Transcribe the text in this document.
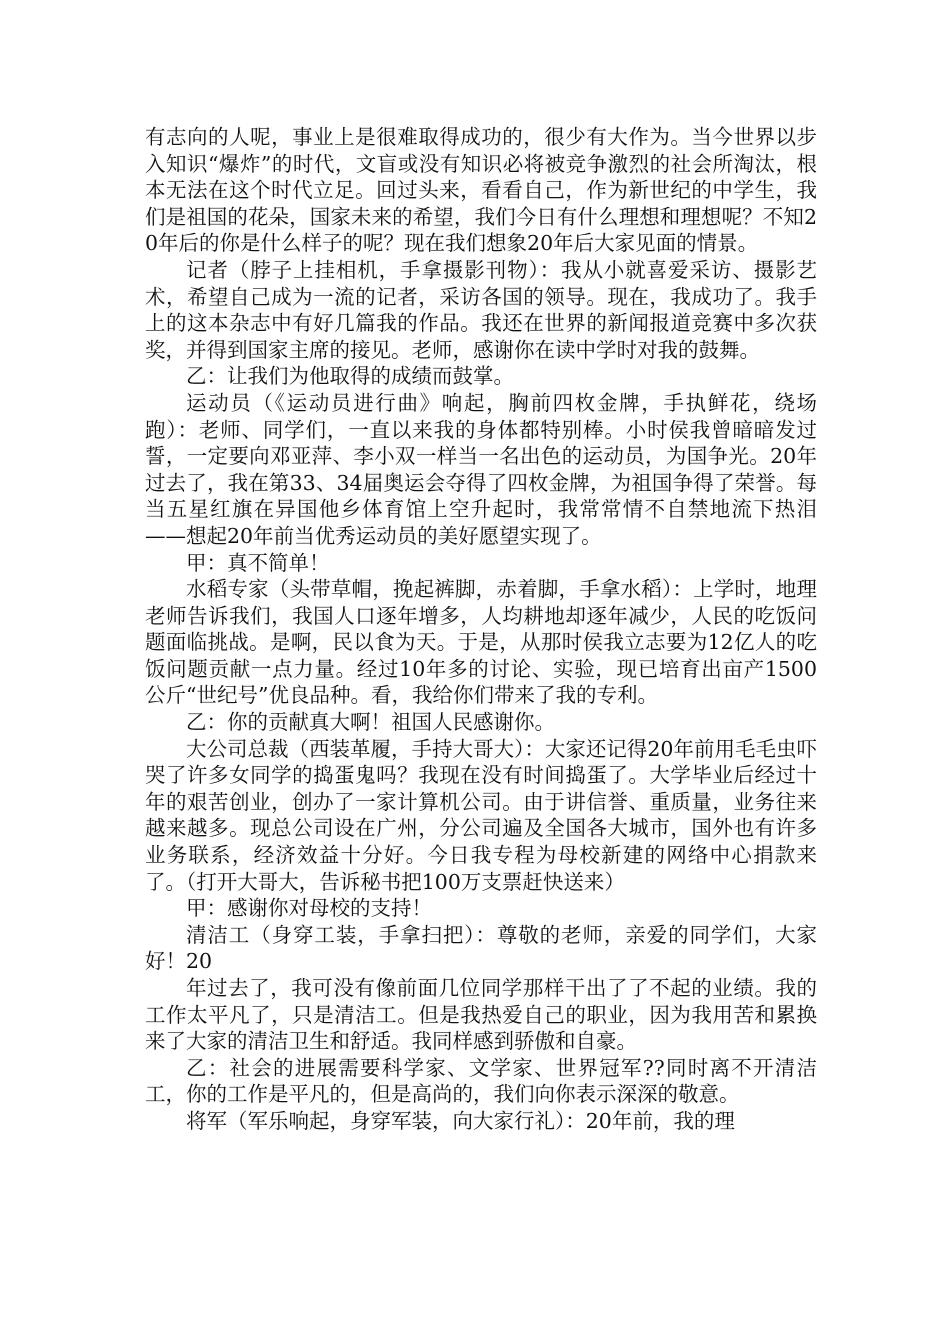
有志向的人呢，事业上是很难取得成功的，很少有大作为。当今世界以步入知识“爆炸”的时代，文盲或没有知识必将被竞争激烈的社会所淘汰，根本无法在这个时代立足。回过头来，看看自己，作为新世纪的中学生，我们是祖国的花朵，国家未来的希望，我们今日有什么理想和理想呢？不知20年后的你是什么样子的呢？现在我们想象20年后大家见面的情景。

记者（脖子上挂相机，手拿摄影刊物）：我从小就喜爱采访、摄影艺术，希望自己成为一流的记者，采访各国的领导。现在，我成功了。我手上的这本杂志中有好几篇我的作品。我还在世界的新闻报道竞赛中多次获奖，并得到国家主席的接见。老师，感谢你在读中学时对我的鼓舞。

乙：让我们为他取得的成绩而鼓掌。

运动员（《运动员进行曲》响起，胸前四枚金牌，手执鲜花，绕场跑）：老师、同学们，一直以来我的身体都特别棒。小时侯我曾暗暗发过誓，一定要向邓亚萍、李小双一样当一名出色的运动员，为国争光。20年过去了，我在第33、34届奥运会夺得了四枚金牌，为祖国争得了荣誉。每当五星红旗在异国他乡体育馆上空升起时，我常常情不自禁地流下热泪——想起20年前当优秀运动员的美好愿望实现了。

甲：真不简单！

水稻专家（头带草帽，挽起裤脚，赤着脚，手拿水稻）：上学时，地理老师告诉我们，我国人口逐年增多，人均耕地却逐年减少，人民的吃饭问题面临挑战。是啊，民以食为天。于是，从那时侯我立志要为12亿人的吃饭问题贡献一点力量。经过10年多的讨论、实验，现已培育出亩产1500公斤“世纪号”优良品种。看，我给你们带来了我的专利。

乙：你的贡献真大啊！祖国人民感谢你。

大公司总裁（西装革履，手持大哥大）：大家还记得20年前用毛毛虫吓哭了许多女同学的捣蛋鬼吗？我现在没有时间捣蛋了。大学毕业后经过十年的艰苦创业，创办了一家计算机公司。由于讲信誉、重质量，业务往来越来越多。现总公司设在广州，分公司遍及全国各大城市，国外也有许多业务联系，经济效益十分好。今日我专程为母校新建的网络中心捐款来了。（打开大哥大，告诉秘书把100万支票赶快送来）

甲：感谢你对母校的支持！

清洁工（身穿工装，手拿扫把）：尊敬的老师，亲爱的同学们，大家好！20

年过去了，我可没有像前面几位同学那样干出了了不起的业绩。我的工作太平凡了，只是清洁工。但是我热爱自己的职业，因为我用苦和累换来了大家的清洁卫生和舒适。我同样感到骄傲和自豪。

乙：社会的进展需要科学家、文学家、世界冠军??同时离不开清洁工，你的工作是平凡的，但是高尚的，我们向你表示深深的敬意。

将军（军乐响起，身穿军装，向大家行礼）：20年前，我的理
